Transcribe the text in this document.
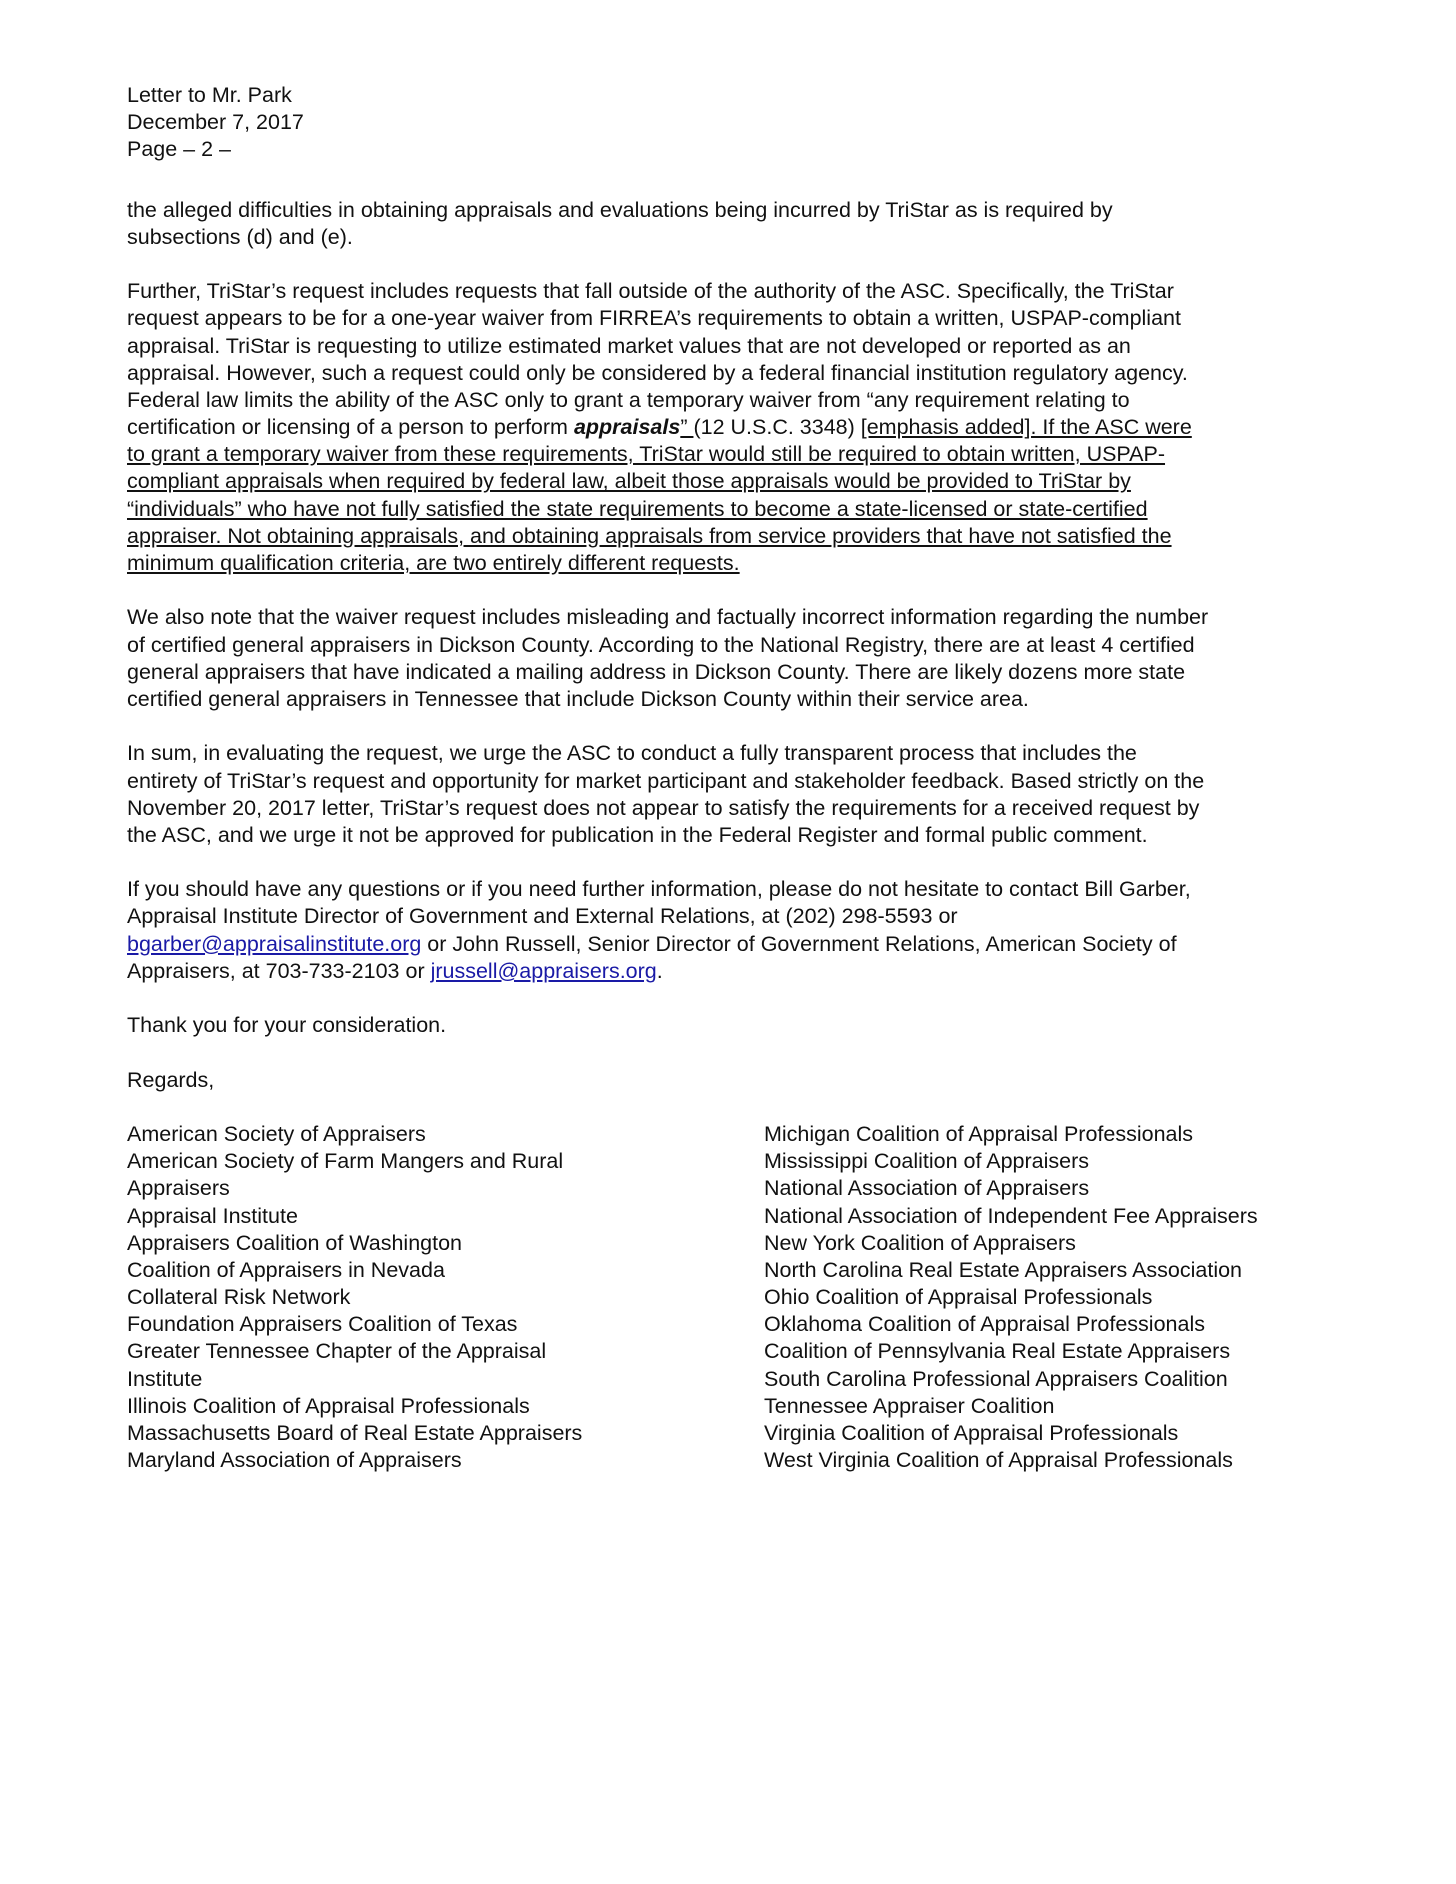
Letter to Mr. Park
December 7, 2017
Page – 2 –
the alleged difficulties in obtaining appraisals and evaluations being incurred by TriStar as is required by
subsections (d) and (e).
Further, TriStar’s request includes requests that fall outside of the authority of the ASC. Specifically, the TriStar
request appears to be for a one-year waiver from FIRREA’s requirements to obtain a written, USPAP-compliant
appraisal. TriStar is requesting to utilize estimated market values that are not developed or reported as an
appraisal. However, such a request could only be considered by a federal financial institution regulatory agency.
Federal law limits the ability of the ASC only to grant a temporary waiver from “any requirement relating to
certification or licensing of a person to perform appraisals” (12 U.S.C. 3348) [emphasis added]. If the ASC were
to grant a temporary waiver from these requirements, TriStar would still be required to obtain written, USPAP-
compliant appraisals when required by federal law, albeit those appraisals would be provided to TriStar by
“individuals” who have not fully satisfied the state requirements to become a state-licensed or state-certified
appraiser. Not obtaining appraisals, and obtaining appraisals from service providers that have not satisfied the
minimum qualification criteria, are two entirely different requests.
We also note that the waiver request includes misleading and factually incorrect information regarding the number
of certified general appraisers in Dickson County. According to the National Registry, there are at least 4 certified
general appraisers that have indicated a mailing address in Dickson County. There are likely dozens more state
certified general appraisers in Tennessee that include Dickson County within their service area.
In sum, in evaluating the request, we urge the ASC to conduct a fully transparent process that includes the
entirety of TriStar’s request and opportunity for market participant and stakeholder feedback. Based strictly on the
November 20, 2017 letter, TriStar’s request does not appear to satisfy the requirements for a received request by
the ASC, and we urge it not be approved for publication in the Federal Register and formal public comment.
If you should have any questions or if you need further information, please do not hesitate to contact Bill Garber,
Appraisal Institute Director of Government and External Relations, at (202) 298-5593 or
bgarber@appraisalinstitute.org or John Russell, Senior Director of Government Relations, American Society of
Appraisers, at 703-733-2103 or jrussell@appraisers.org.
Thank you for your consideration.
Regards,
American Society of Appraisers
American Society of Farm Mangers and Rural
Appraisers
Appraisal Institute
Appraisers Coalition of Washington
Coalition of Appraisers in Nevada
Collateral Risk Network
Foundation Appraisers Coalition of Texas
Greater Tennessee Chapter of the Appraisal
Institute
Illinois Coalition of Appraisal Professionals
Massachusetts Board of Real Estate Appraisers
Maryland Association of Appraisers
Michigan Coalition of Appraisal Professionals
Mississippi Coalition of Appraisers
National Association of Appraisers
National Association of Independent Fee Appraisers
New York Coalition of Appraisers
North Carolina Real Estate Appraisers Association
Ohio Coalition of Appraisal Professionals
Oklahoma Coalition of Appraisal Professionals
Coalition of Pennsylvania Real Estate Appraisers
South Carolina Professional Appraisers Coalition
Tennessee Appraiser Coalition
Virginia Coalition of Appraisal Professionals
West Virginia Coalition of Appraisal Professionals
